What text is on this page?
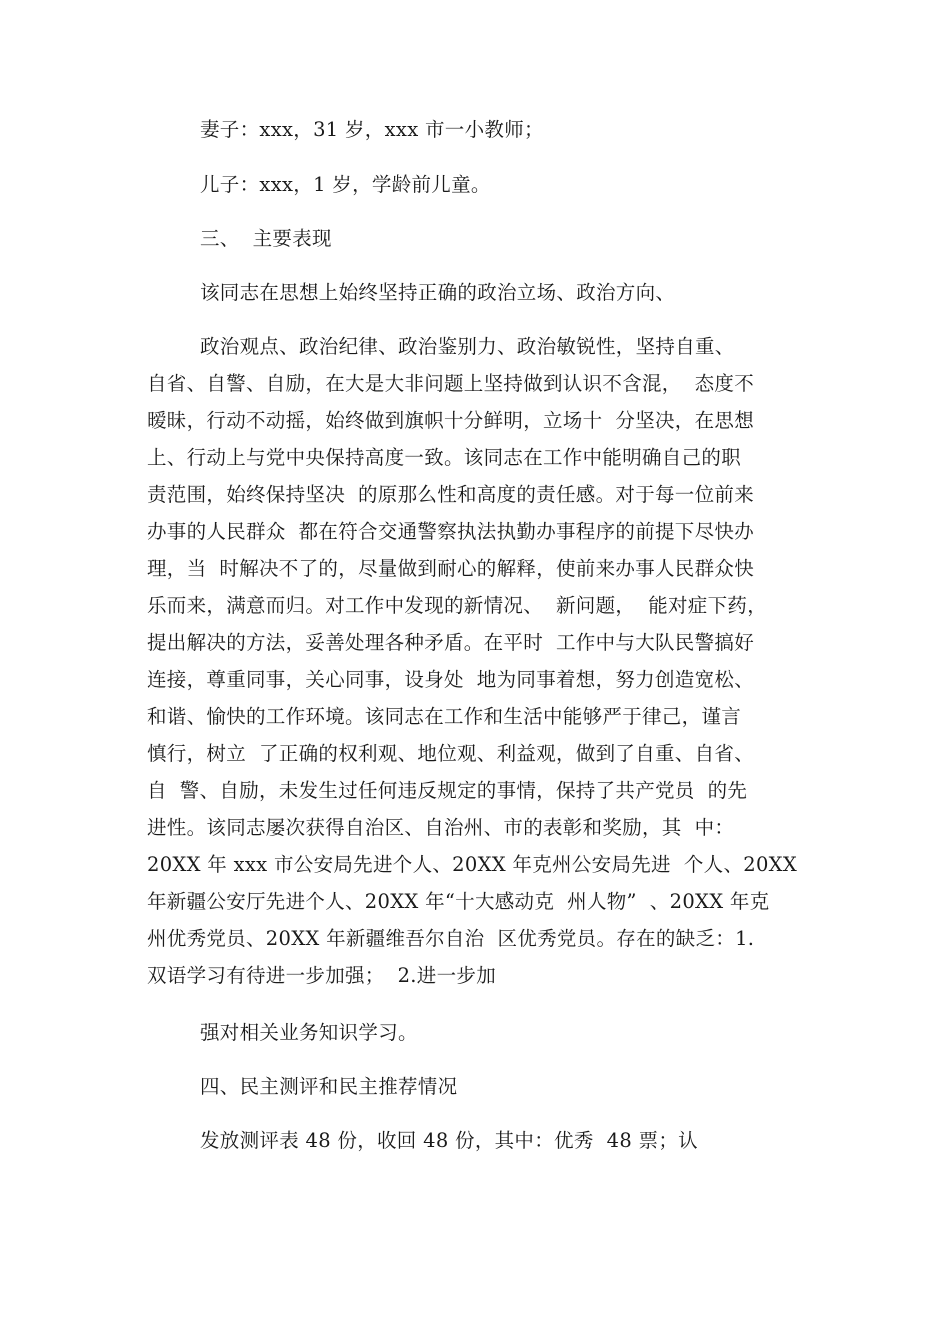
妻子：xxx，31 岁，xxx 市一小教师；

儿子：xxx，1 岁，学龄前儿童。

三、  主要表现

该同志在思想上始终坚持正确的政治立场、政治方向、

政治观点、政治纪律、政治鉴别力、政治敏锐性，坚持自重、

自省、自警、自励，在大是大非问题上坚持做到认识不含混，  态度不

暧昧，行动不动摇，始终做到旗帜十分鲜明，立场十  分坚决，在思想

上、行动上与党中央保持高度一致。该同志在工作中能明确自己的职

责范围，始终保持坚决  的原那么性和高度的责任感。对于每一位前来

办事的人民群众  都在符合交通警察执法执勤办事程序的前提下尽快办

理，当  时解决不了的，尽量做到耐心的解释，使前来办事人民群众快

乐而来，满意而归。对工作中发现的新情况、  新问题，  能对症下药，

提出解决的方法，妥善处理各种矛盾。在平时  工作中与大队民警搞好

连接，尊重同事，关心同事，设身处  地为同事着想，努力创造宽松、

和谐、愉快的工作环境。该同志在工作和生活中能够严于律己，谨言

慎行，树立  了正确的权利观、地位观、利益观，做到了自重、自省、

自  警、自励，未发生过任何违反规定的事情，保持了共产党员  的先

进性。该同志屡次获得自治区、自治州、市的表彰和奖励，其  中：

20XX 年 xxx 市公安局先进个人、20XX 年克州公安局先进  个人、20XX

年新疆公安厅先进个人、20XX 年“十大感动克  州人物”  、20XX 年克

州优秀党员、20XX 年新疆维吾尔自治  区优秀党员。存在的缺乏：1.

双语学习有待进一步加强；  2.进一步加

强对相关业务知识学习。

四、民主测评和民主推荐情况

发放测评表 48 份，收回 48 份，其中：优秀  48 票；认
